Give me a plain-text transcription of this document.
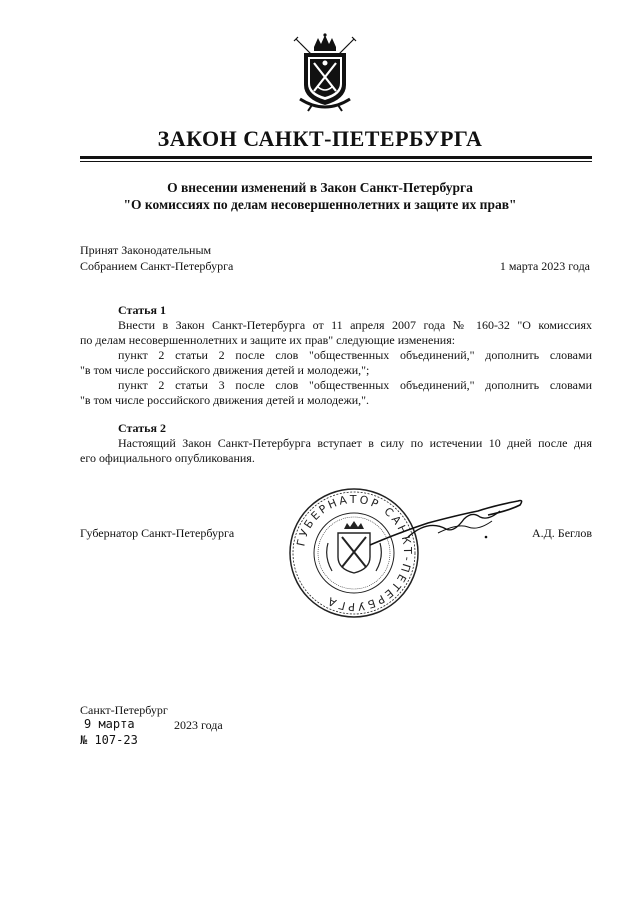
ЗАКОН САНКТ-ПЕТЕРБУРГА
О внесении изменений в Закон Санкт-Петербурга
"О комиссиях по делам несовершеннолетних и защите их прав"
Принят Законодательным
Собранием Санкт-Петербурга	1 марта 2023 года
Статья 1
Внести в Закон Санкт-Петербурга от 11 апреля 2007 года № 160-32 "О комиссиях
по делам несовершеннолетних и защите их прав" следующие изменения:
пункт 2 статьи 2 после слов "общественных объединений," дополнить словами
"в том числе российского движения детей и молодежи,";
пункт 2 статьи 3 после слов "общественных объединений," дополнить словами
"в том числе российского движения детей и молодежи,".
Статья 2
Настоящий Закон Санкт-Петербурга вступает в силу по истечении 10 дней после дня
его официального опубликования.
Губернатор Санкт-Петербурга	А.Д. Беглов
ГУБЕРНАТОР САНКТ-ПЕТЕРБУРГА
Санкт-Петербург
9 марта	2023 года
№ 107-23
